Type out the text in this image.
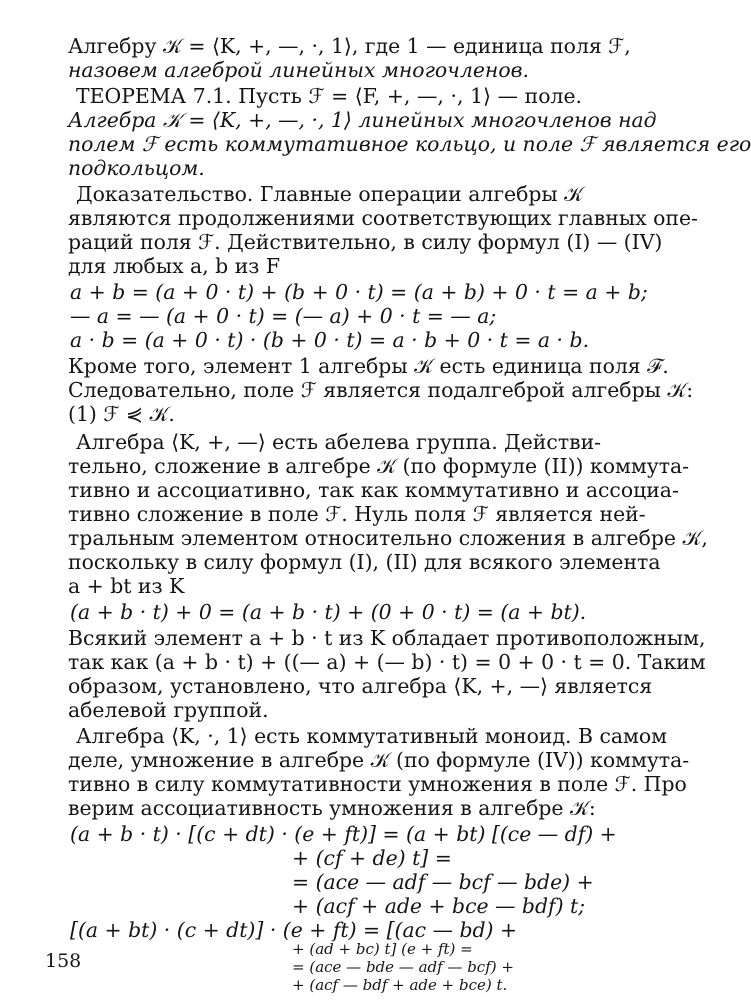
Алгебру 𝒦 = ⟨K, +, —, ·, 1⟩, где 1 — единица поля ℱ,
назовем алгеброй линейных многочленов.
ТЕОРЕМА 7.1. Пусть ℱ = ⟨F, +, —, ·, 1⟩ — поле.
Алгебра 𝒦 = ⟨K, +, —, ·, 1⟩ линейных многочленов над
полем ℱ есть коммутативное кольцо, и поле ℱ является его
подкольцом.
Доказательство. Главные операции алгебры 𝒦
являются продолжениями соответствующих главных опе-
раций поля ℱ. Действительно, в силу формул (I) — (IV)
для любых a, b из F
a + b = (a + 0 · t) + (b + 0 · t) = (a + b) + 0 · t = a + b;
— a = — (a + 0 · t) = (— a) + 0 · t = — a;
a · b = (a + 0 · t) · (b + 0 · t) = a · b + 0 · t = a · b.
Кроме того, элемент 1 алгебры 𝒦 есть единица поля ℱ.
Следовательно, поле ℱ является подалгеброй алгебры 𝒦:
(1) ℱ ⋞ 𝒦.
Алгебра ⟨K, +, —⟩ есть абелева группа. Действи-
тельно, сложение в алгебре 𝒦 (по формуле (II)) коммута-
тивно и ассоциативно, так как коммутативно и ассоциа-
тивно сложение в поле ℱ. Нуль поля ℱ является ней-
тральным элементом относительно сложения в алгебре 𝒦,
поскольку в силу формул (I), (II) для всякого элемента
a + bt из K
(a + b · t) + 0 = (a + b · t) + (0 + 0 · t) = (a + bt).
Всякий элемент a + b · t из K обладает противоположным,
так как (a + b · t) + ((— a) + (— b) · t) = 0 + 0 · t = 0. Таким
образом, установлено, что алгебра ⟨K, +, —⟩ является
абелевой группой.
Алгебра ⟨K, ·, 1⟩ есть коммутативный моноид. В самом
деле, умножение в алгебре 𝒦 (по формуле (IV)) коммута-
тивно в силу коммутативности умножения в поле ℱ. Про
верим ассоциативность умножения в алгебре 𝒦:
(a + b · t) · [(c + dt) · (e + ft)] = (a + bt) [(ce — df) +
+ (cf + de) t] =
= (ace — adf — bcf — bde) +
+ (acf + ade + bce — bdf) t;
[(a + bt) · (c + dt)] · (e + ft) = [(ac — bd) +
+ (ad + bc) t] (e + ft) =
= (ace — bde — adf — bcf) +
+ (acf — bdf + ade + bce) t.
158
